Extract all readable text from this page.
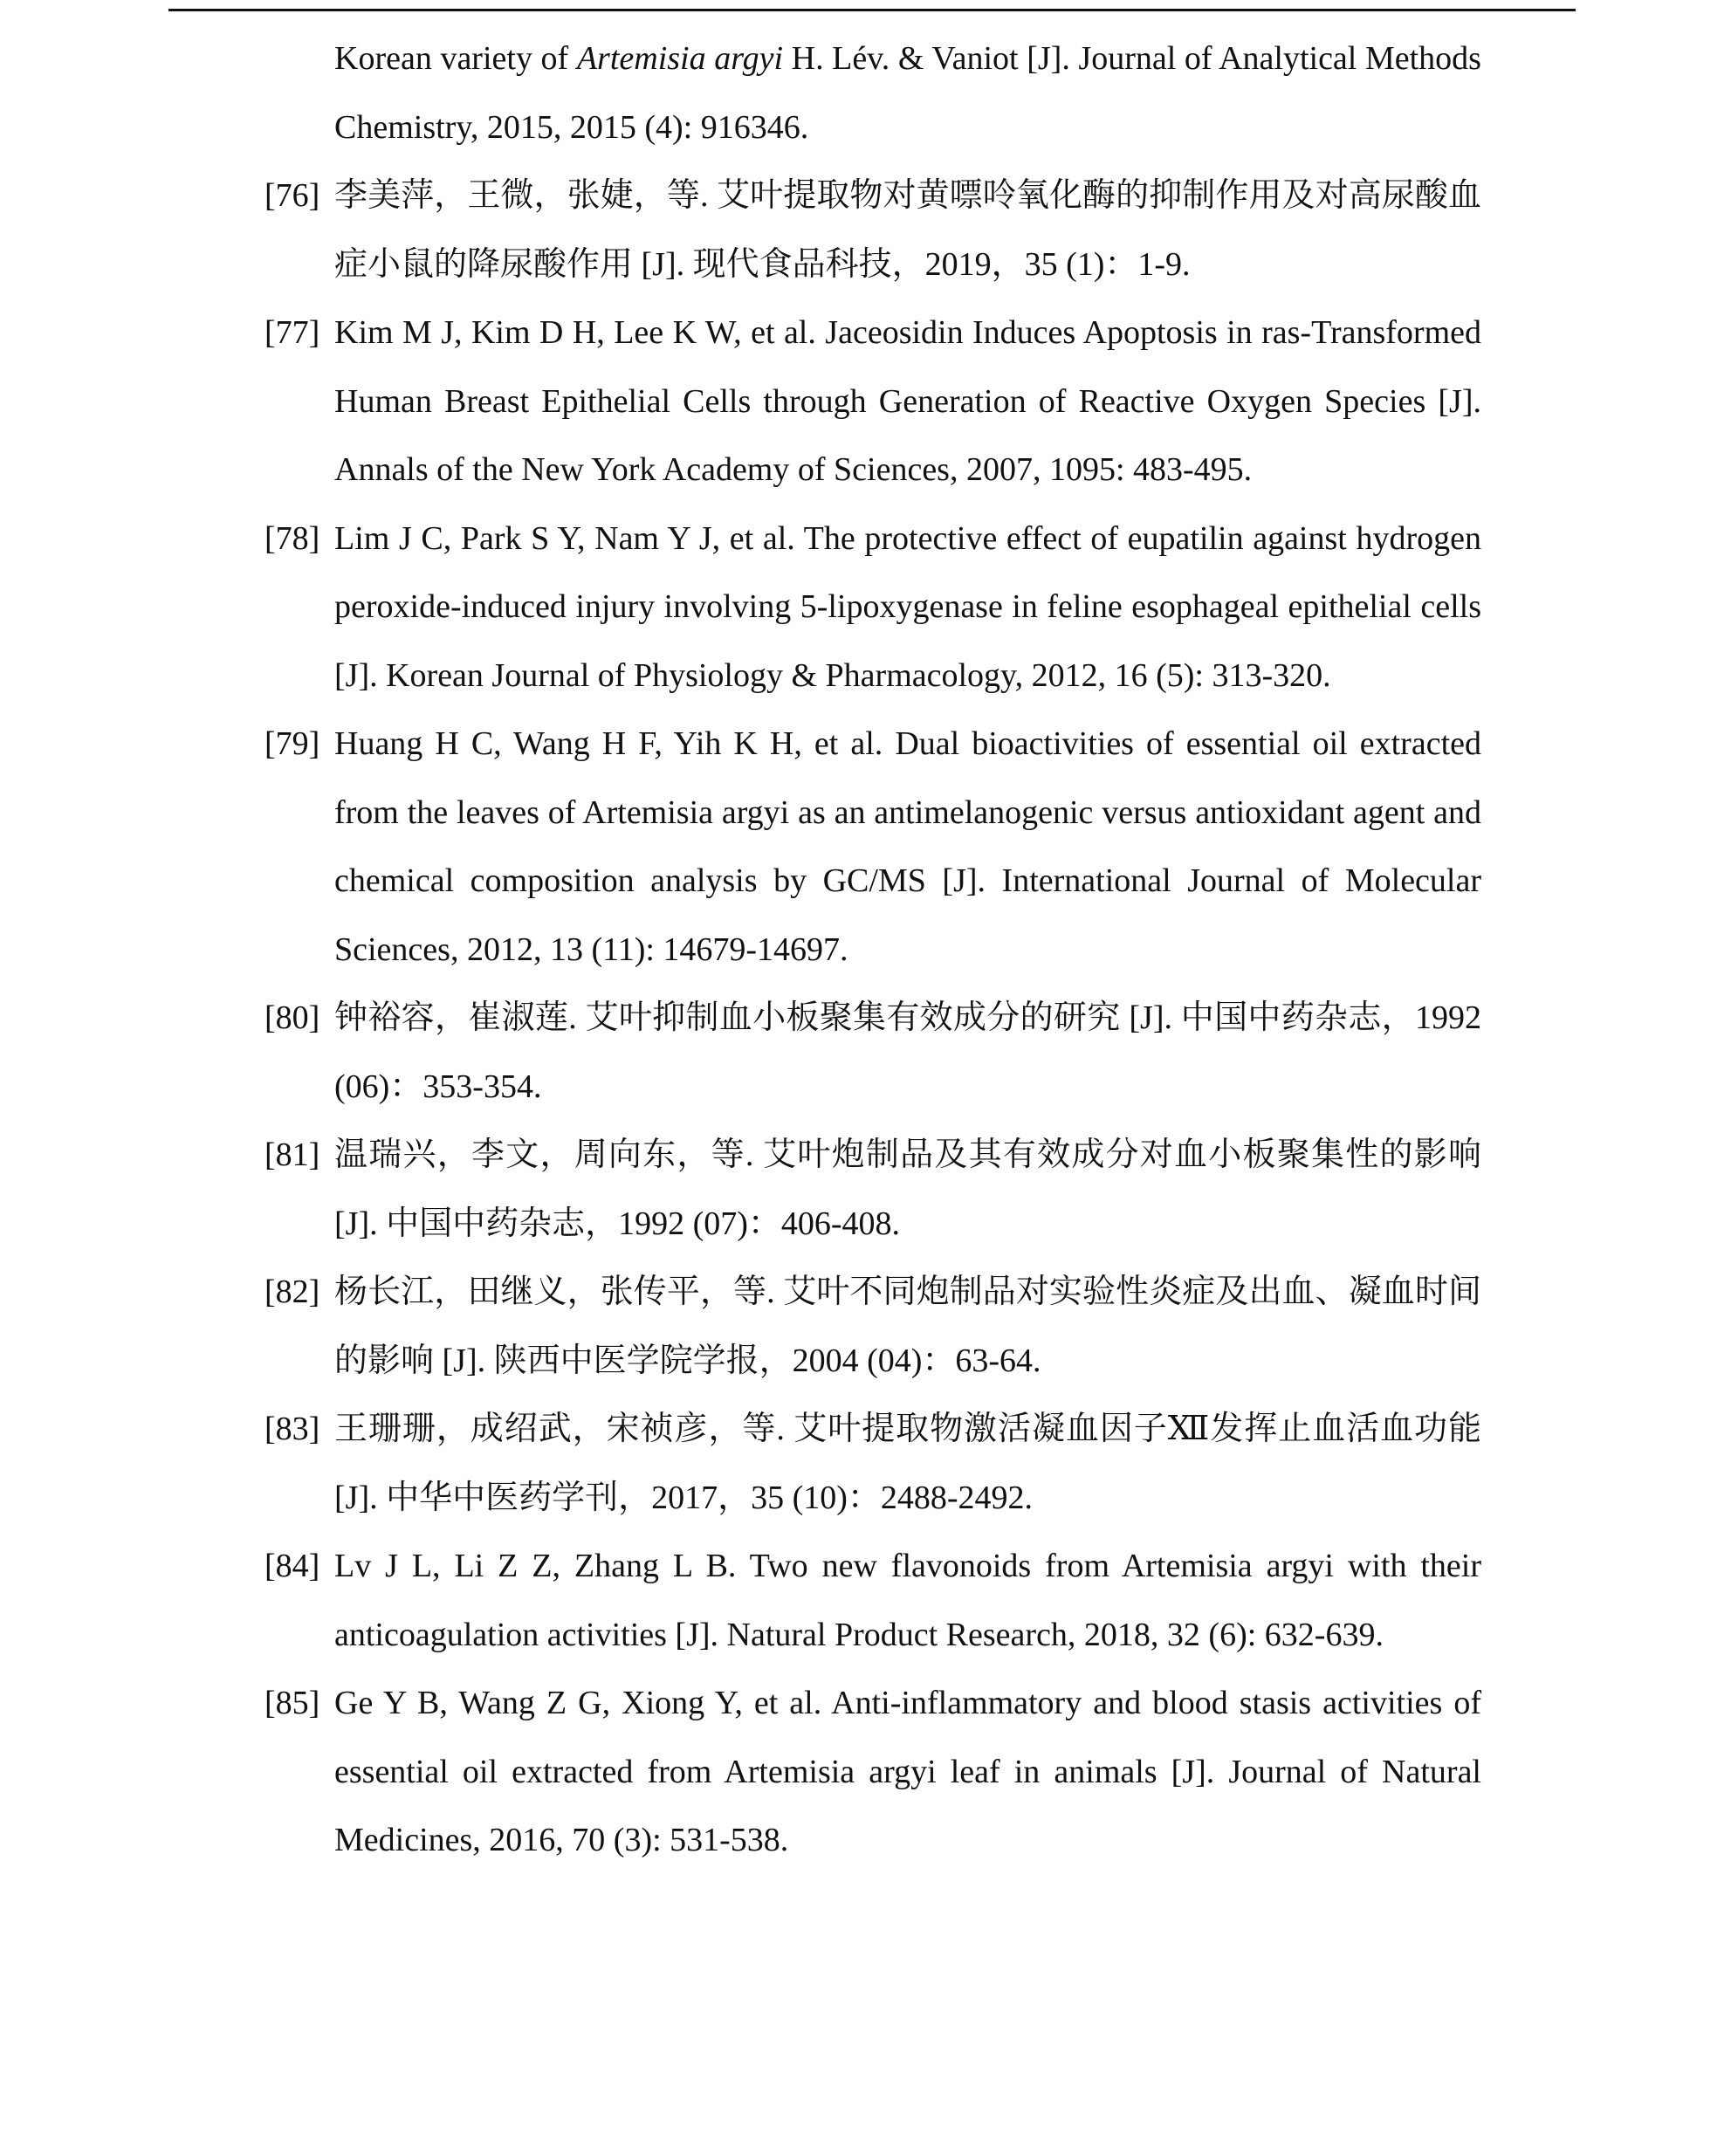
Korean variety of Artemisia argyi H. Lév. & Vaniot [J]. Journal of Analytical Methods Chemistry, 2015, 2015 (4): 916346.
[76] 李美萍，王微，张婕，等. 艾叶提取物对黄嘌呤氧化酶的抑制作用及对高尿酸血症小鼠的降尿酸作用 [J]. 现代食品科技，2019，35 (1)：1-9.
[77] Kim M J, Kim D H, Lee K W, et al. Jaceosidin Induces Apoptosis in ras‑Transformed Human Breast Epithelial Cells through Generation of Reactive Oxygen Species [J]. Annals of the New York Academy of Sciences, 2007, 1095: 483-495.
[78] Lim J C, Park S Y, Nam Y J, et al. The protective effect of eupatilin against hydrogen peroxide-induced injury involving 5-lipoxygenase in feline esophageal epithelial cells [J]. Korean Journal of Physiology & Pharmacology, 2012, 16 (5): 313-320.
[79] Huang H C, Wang H F, Yih K H, et al. Dual bioactivities of essential oil extracted from the leaves of Artemisia argyi as an antimelanogenic versus antioxidant agent and chemical composition analysis by GC/MS [J]. International Journal of Molecular Sciences, 2012, 13 (11): 14679-14697.
[80] 钟裕容，崔淑莲. 艾叶抑制血小板聚集有效成分的研究 [J]. 中国中药杂志，1992 (06)：353-354.
[81] 温瑞兴，李文，周向东，等. 艾叶炮制品及其有效成分对血小板聚集性的影响 [J]. 中国中药杂志，1992 (07)：406-408.
[82] 杨长江，田继义，张传平，等. 艾叶不同炮制品对实验性炎症及出血、凝血时间的影响 [J]. 陕西中医学院学报，2004 (04)：63-64.
[83] 王珊珊，成绍武，宋祯彦，等. 艾叶提取物激活凝血因子Ⅻ发挥止血活血功能 [J]. 中华中医药学刊，2017，35 (10)：2488-2492.
[84] Lv J L, Li Z Z, Zhang L B. Two new flavonoids from Artemisia argyi with their anticoagulation activities [J]. Natural Product Research, 2018, 32 (6): 632-639.
[85] Ge Y B, Wang Z G, Xiong Y, et al. Anti-inflammatory and blood stasis activities of essential oil extracted from Artemisia argyi leaf in animals [J]. Journal of Natural Medicines, 2016, 70 (3): 531-538.
